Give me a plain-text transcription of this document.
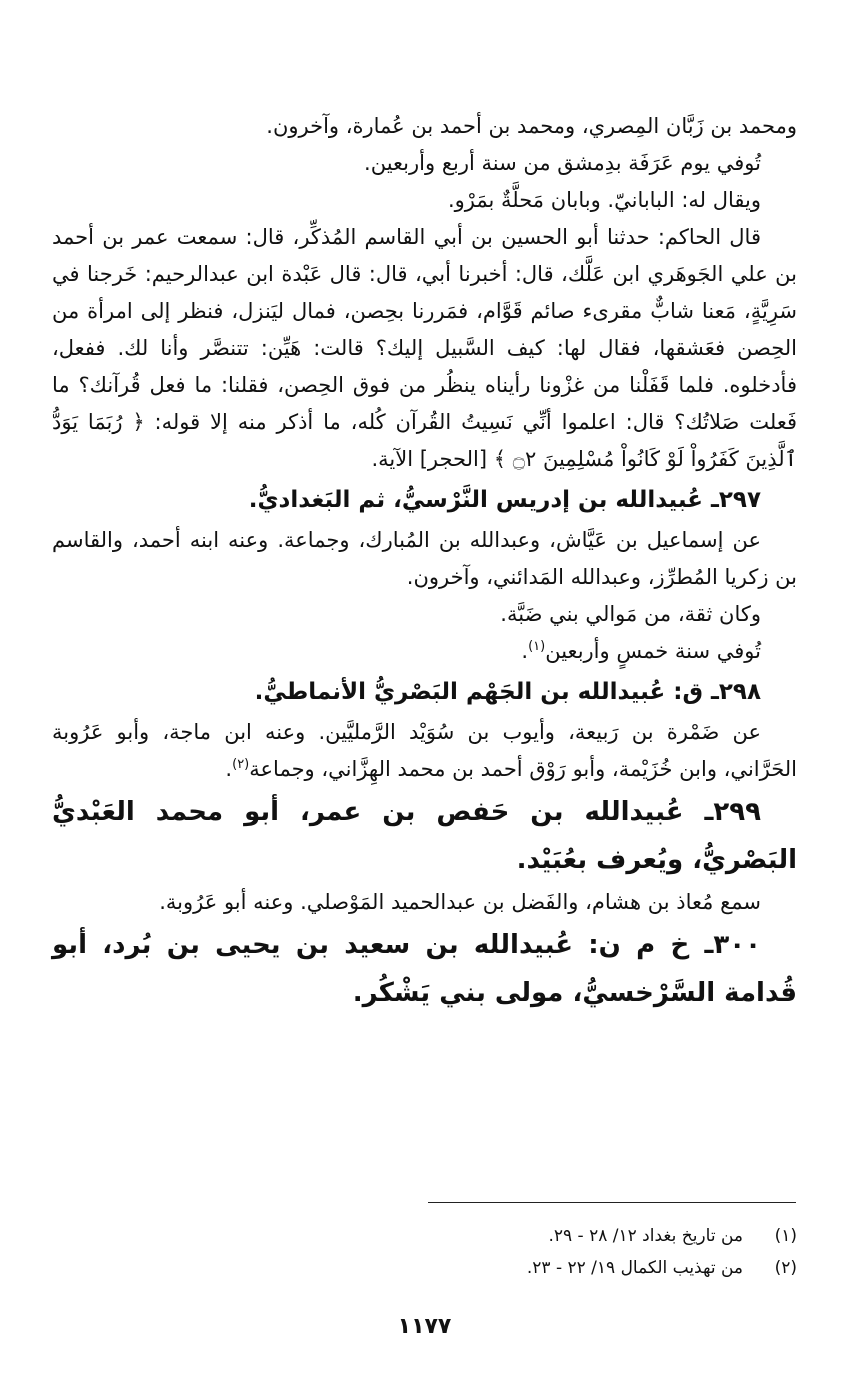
ومحمد بن زَبَّان المِصري، ومحمد بن أحمد بن عُمارة، وآخرون.

تُوفي يوم عَرَفَة بدِمشق من سنة أربع وأربعين.

ويقال له: البابانيّ. وبابان مَحلَّةٌ بمَرْو.

قال الحاكم: حدثنا أبو الحسين بن أبي القاسم المُذكِّر، قال: سمعت عمر بن أحمد بن علي الجَوهَري ابن عَلَّك، قال: أخبرنا أبي، قال: قال عَبْدة ابن عبدالرحيم: خَرجنا في سَرِيَّةٍ، مَعنا شابٌّ مقرىء صائم قَوَّام، فمَررنا بحِصن، فمال ليَنزل، فنظر إلى امرأة من الحِصن فعَشقها، فقال لها: كيف السَّبيل إليك؟ قالت: هَيِّن: تتنصَّر وأنا لك. ففعل، فأدخلوه. فلما قَفَلْنا من غزْونا رأيناه ينظُر من فوق الحِصن، فقلنا: ما فعل قُرآنك؟ ما فَعلت صَلاتُك؟ قال: اعلموا أنِّي نَسِيتُ القُرآن كُله، ما أذكر منه إلا قوله: ﴿ رُبَمَا يَوَدُّ ٱلَّذِينَ كَفَرُواْ لَوْ كَانُواْ مُسْلِمِينَ ۝٢ ﴾ [الحجر] الآية.

٢٩٧ـ عُبيدالله بن إدريس النَّرْسيُّ، ثم البَغداديُّ.

عن إسماعيل بن عَيَّاش، وعبدالله بن المُبارك، وجماعة. وعنه ابنه أحمد، والقاسم بن زكريا المُطرِّز، وعبدالله المَدائني، وآخرون.

وكان ثقة، من مَوالي بني ضَبَّة.

تُوفي سنة خمسٍ وأربعين$^{(١)}$.

٢٩٨ـ ق: عُبيدالله بن الجَهْم البَصْريُّ الأنماطيُّ.

عن ضَمْرة بن رَبيعة، وأيوب بن سُوَيْد الرَّمليَّين. وعنه ابن ماجة، وأبو عَرُوبة الحَرَّاني، وابن خُزَيْمة، وأبو رَوْق أحمد بن محمد الهِزَّاني، وجماعة$^{(٢)}$.

٢٩٩ـ عُبيدالله بن حَفص بن عمر، أبو محمد العَبْديُّ البَصْريُّ، ويُعرف بعُبَيْد.

سمع مُعاذ بن هشام، والفَضل بن عبدالحميد المَوْصلي. وعنه أبو عَرُوبة.

٣٠٠ـ خ م ن: عُبيدالله بن سعيد بن يحيى بن بُرد، أبو قُدامة السَّرْخسيُّ، مولى بني يَشْكُر.
(١)
من تاريخ بغداد ١٢/ ٢٨ - ٢٩.
(٢)
من تهذيب الكمال ١٩/ ٢٢ - ٢٣.
١١٧٧
